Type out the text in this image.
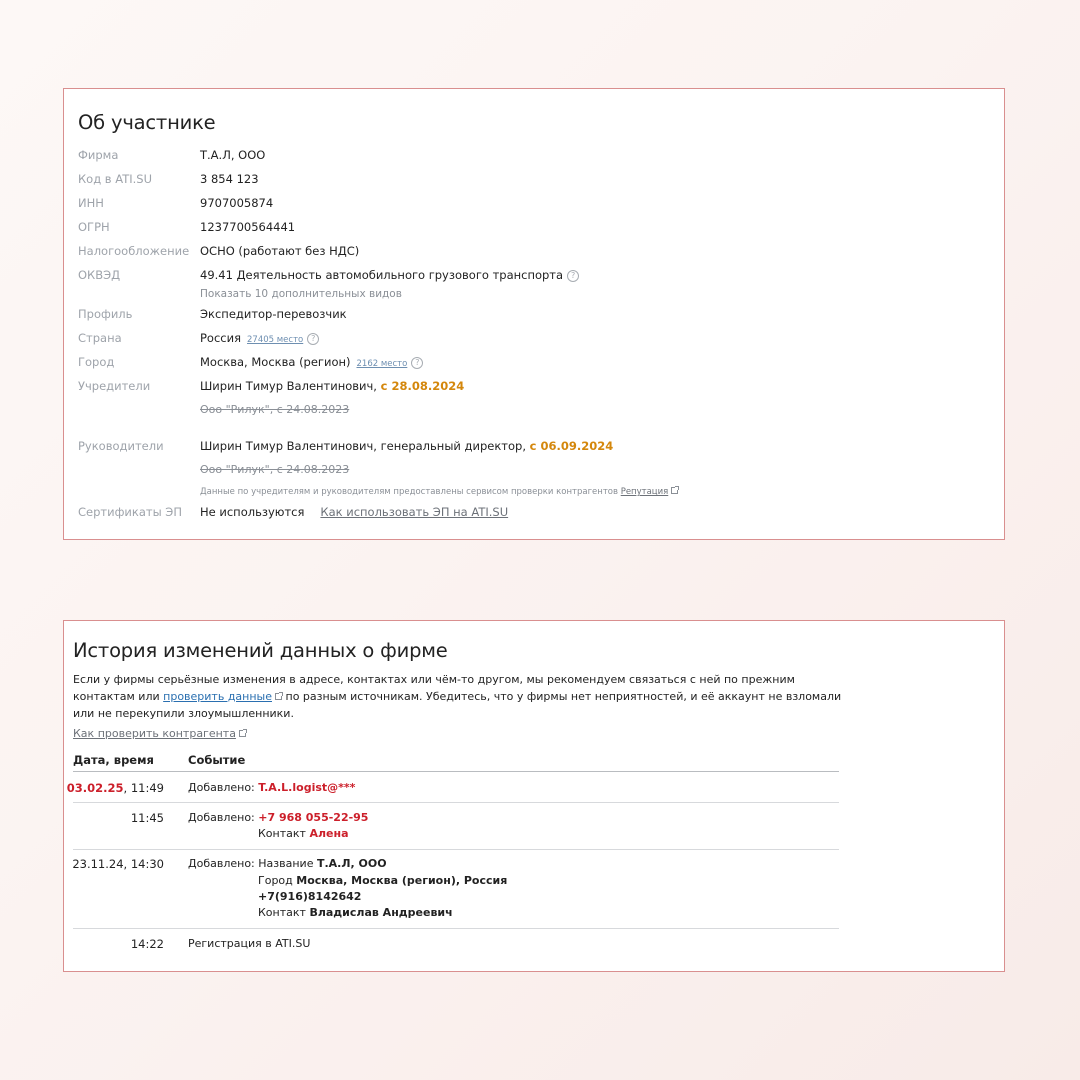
Об участнике
Фирма	Т.А.Л, ООО
Код в ATI.SU	3 854 123
ИНН	9707005874
ОГРН	1237700564441
Налогообложение ОСНО (работают без НДС)
ОКВЭД	49.41 Деятельность автомобильного грузового транспорта ?
Показать 10 дополнительных видов
Профиль	Экспедитор-перевозчик
Страна	Россия 27405 место ?
Город	Москва, Москва (регион) 2162 место ?
Учредители	Ширин Тимур Валентинович, с 28.08.2024
Ооо "Рилук", с 24.08.2023
Руководители	Ширин Тимур Валентинович, генеральный директор, с 06.09.2024
Ооо "Рилук", с 24.08.2023
Данные по учредителям и руководителям предоставлены сервисом проверки контрагентов Репутация
Сертификаты ЭП Не используются Как использовать ЭП на ATI.SU
История изменений данных о фирме

Если у фирмы серьёзные изменения в адресе, контактах или чём-то другом, мы рекомендуем связаться с ней по прежним контактам или проверить данные по разным источникам. Убедитесь, что у фирмы нет неприятностей, и её аккаунт не взломали или не перекупили злоумышленники.

Как проверить контрагента
Дата, время	Событие
03.02.25, 11:49 Добавлено: T.A.L.logist@***
11:45 Добавлено: +7 968 055-22-95
Контакт Алена
23.11.24, 14:30 Добавлено: Название Т.А.Л, ООО
Город Москва, Москва (регион), Россия
+7(916)8142642
Контакт Владислав Андреевич
14:22 Регистрация в ATI.SU
